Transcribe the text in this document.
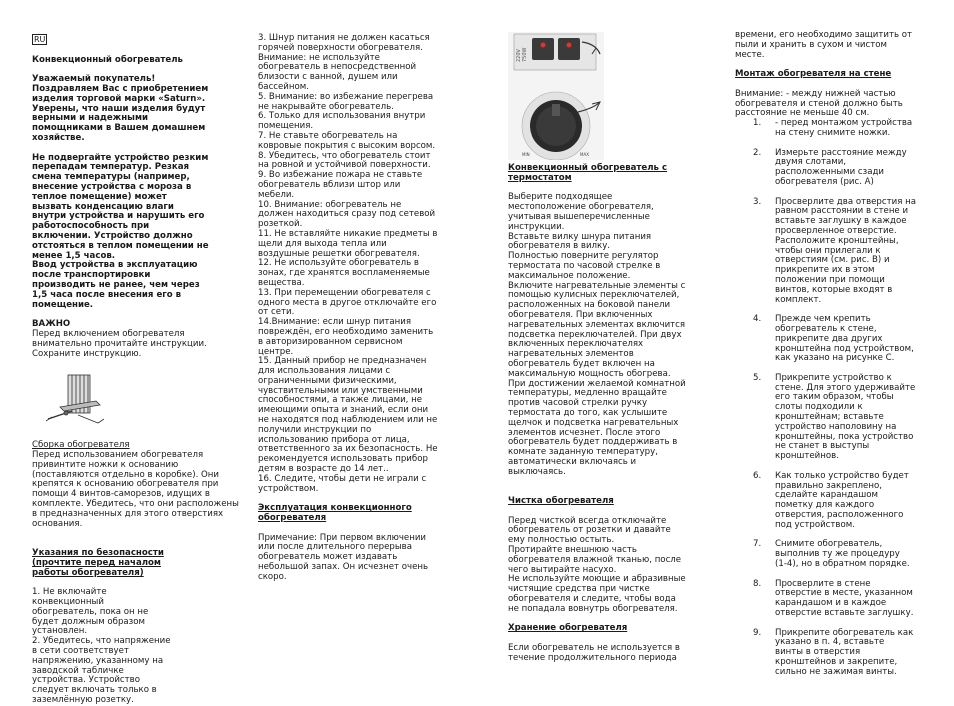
RU

Конвекционный обогреватель

Уважаемый покупатель!
Поздравляем Вас с приобретением
изделия торговой марки «Saturn».
Уверены, что наши изделия будут
верными и надежными
помощниками в Вашем домашнем
хозяйстве.

Не подвергайте устройство резким
перепадам температур. Резкая
смена температуры (например,
внесение устройства с мороза в
теплое помещение) может
вызвать конденсацию влаги
внутри устройства и нарушить его
работоспособность при
включении. Устройство должно
отстояться в теплом помещении не
менее 1,5 часов.
Ввод устройства в эксплуатацию
после транспортировки
производить не ранее, чем через
1,5 часа после внесения его в
помещение.

ВАЖНО

Перед включением обогревателя
внимательно прочитайте инструкции.
Сохраните инструкцию.

Сборка обогревателя

Перед использованием обогревателя
привинтите ножки к основанию
(поставляются отдельно в коробке). Они
крепятся к основанию обогревателя при
помощи 4 винтов-саморезов, идущих в
комплекте. Убедитесь, что они расположены
в предназначенных для этого отверстиях
основания.

Указания по безопасности
(прочтите перед началом
работы обогревателя)

1. Не включайте
конвекционный
обогреватель, пока он не
будет должным образом
установлен.
2. Убедитесь, что напряжение
в сети соответствует
напряжению, указанному на
заводской табличке
устройства. Устройство
следует включать только в
заземлённую розетку.

3. Шнур питания не должен касаться
горячей поверхности обогревателя.
Внимание: не используйте
обогреватель в непосредственной
близости с ванной, душем или
бассейном.
5. Внимание: во избежание перегрева
не накрывайте обогреватель.
6. Только для использования внутри
помещения.
7. Не ставьте обогреватель на
ковровые покрытия с высоким ворсом.
8. Убедитесь, что обогреватель стоит
на ровной и устойчивой поверхности.
9. Во избежание пожара не ставьте
обогреватель вблизи штор или
мебели.
10. Внимание: обогреватель не
должен находиться сразу под сетевой
розеткой.
11. Не вставляйте никакие предметы в
щели для выхода тепла или
воздушные решетки обогревателя.
12. Не используйте обогреватель в
зонах, где хранятся воспламеняемые
вещества.
13. При перемещении обогревателя с
одного места в другое отключайте его
от сети.
14.Внимание: если шнур питания
повреждён, его необходимо заменить
в авторизированном сервисном
центре.
15. Данный прибор не предназначен
для использования лицами с
ограниченными физическими,
чувствительными или умственными
способностями, а также лицами, не
имеющими опыта и знаний, если они
не находятся под наблюдением или не
получили инструкции по
использованию прибора от лица,
ответственного за их безопасность. Не
рекомендуется использовать прибор
детям в возрасте до 14 лет..
16. Следите, чтобы дети не играли с
устройством.

Эксплуатация конвекционного
обогревателя

Примечание: При первом включении
или после длительного перерыва
обогреватель может издавать
небольшой запах. Он исчезнет очень
скоро.

220V 750W
MIN	MAX

Конвекционный обогреватель с
термостатом

Выберите подходящее
местоположение обогревателя,
учитывая вышеперечисленные
инструкции.
Вставьте вилку шнура питания
обогревателя в вилку.
Полностью поверните регулятор
термостата по часовой стрелке в
максимальное положение.
Включите нагревательные элементы с
помощью кулисных переключателей,
расположенных на боковой панели
обогревателя. При включенных
нагревательных элементах включится
подсветка переключателей. При двух
включенных переключателях
нагревательных элементов
обогреватель будет включен на
максимальную мощность обогрева.
При достижении желаемой комнатной
температуры, медленно вращайте
против часовой стрелки ручку
термостата до того, как услышите
щелчок и подсветка нагревательных
элементов исчезнет. После этого
обогреватель будет поддерживать в
комнате заданную температуру,
автоматически включаясь и
выключаясь.

Чистка обогревателя

Перед чисткой всегда отключайте
обогреватель от розетки и давайте
ему полностью остыть.
Протирайте внешнюю часть
обогревателя влажной тканью, после
чего вытирайте насухо.
Не используйте моющие и абразивные
чистящие средства при чистке
обогревателя и следите, чтобы вода
не попадала вовнутрь обогревателя.

Хранение обогревателя

Если обогреватель не используется в
течение продолжительного периода

времени, его необходимо защитить от
пыли и хранить в сухом и чистом
месте.

Монтаж обогревателя на стене

Внимание: - между нижней частью
обогревателя и стеной должно быть
расстояние не меньше 40 см.

1. - перед монтажом устройства
на стену снимите ножки.
2. Измерьте расстояние между
двумя слотами,
расположенными сзади
обогревателя (рис. А)
3. Просверлите два отверстия на
равном расстоянии в стене и
вставьте заглушку в каждое
просверленное отверстие.
Расположите кронштейны,
чтобы они прилегали к
отверстиям (см. рис. B) и
прикрепите их в этом
положении при помощи
винтов, которые входят в
комплект.
4. Прежде чем крепить
обогреватель к стене,
прикрепите два других
кронштейна под устройством,
как указано на рисунке С.
5. Прикрепите устройство к
стене. Для этого удерживайте
его таким образом, чтобы
слоты подходили к
кронштейнам; вставьте
устройство наполовину на
кронштейны, пока устройство
не станет в выступы
кронштейнов.
6. Как только устройство будет
правильно закреплено,
сделайте карандашом
пометку для каждого
отверстия, расположенного
под устройством.
7. Снимите обогреватель,
выполнив ту же процедуру
(1-4), но в обратном порядке.
8. Просверлите в стене
отверстие в месте, указанном
карандашом и в каждое
отверстие вставьте заглушку.
9. Прикрепите обогреватель как
указано в п. 4, вставьте
винты в отверстия
кронштейнов и закрепите,
сильно не зажимая винты.
